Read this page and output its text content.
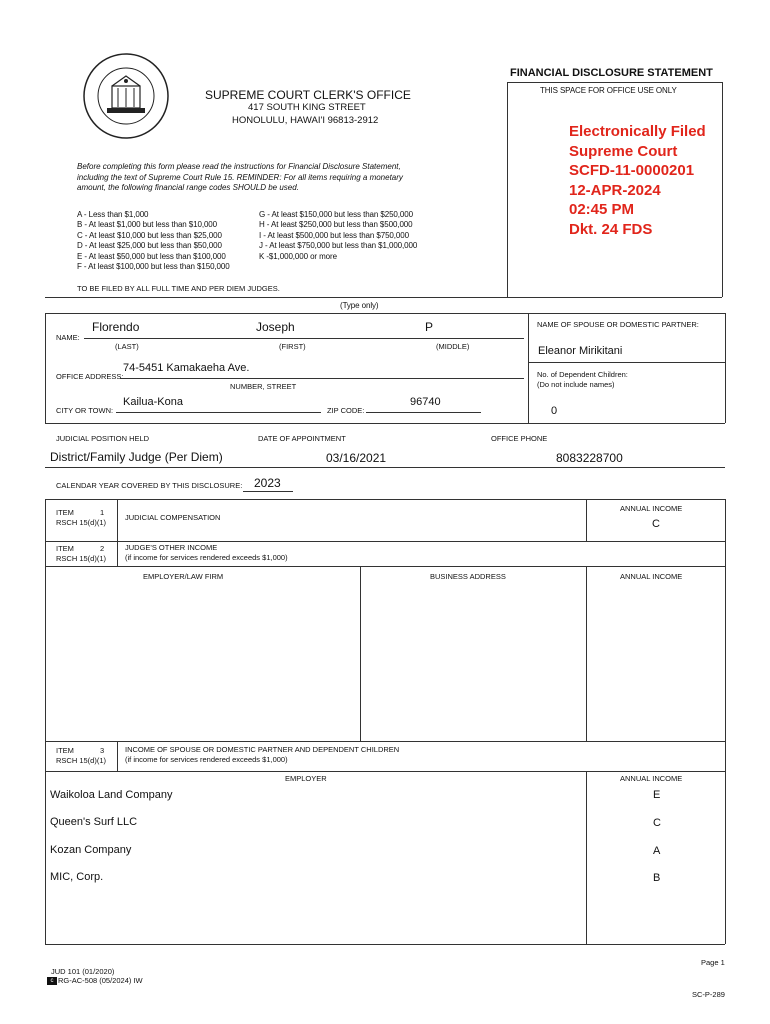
FINANCIAL DISCLOSURE STATEMENT
THIS SPACE FOR OFFICE USE ONLY
SUPREME COURT CLERK'S OFFICE
417 SOUTH KING STREET
HONOLULU, HAWAI'I 96813-2912
Electronically Filed
Supreme Court
SCFD-11-0000201
12-APR-2024
02:45 PM
Dkt. 24 FDS
Before completing this form please read the instructions for Financial Disclosure Statement,
including the text of Supreme Court Rule 15. REMINDER: For all items requiring a monetary
amount, the following financial range codes SHOULD be used.
A - Less than $1,000
B - At least $1,000 but less than $10,000
C - At least $10,000 but less than $25,000
D - At least $25,000 but less than $50,000
E - At least $50,000 but less than $100,000
F - At least $100,000 but less than $150,000
G - At least $150,000 but less than $250,000
H - At least $250,000 but less than $500,000
I - At least $500,000 but less than $750,000
J - At least $750,000 but less than $1,000,000
K -$1,000,000 or more
TO BE FILED BY ALL FULL TIME AND PER DIEM JUDGES.
(Type only)
Florendo	Joseph	P
NAME:
(LAST)	(FIRST)	(MIDDLE)
NAME OF SPOUSE OR DOMESTIC PARTNER:
Eleanor Mirikitani
No. of Dependent Children:
(Do not include names)
0
74-5451 Kamakaeha Ave.
OFFICE ADDRESS:
NUMBER, STREET
Kailua-Kona	96740
CITY OR TOWN:	ZIP CODE:
JUDICIAL POSITION HELD	DATE OF APPOINTMENT	OFFICE PHONE
District/Family Judge (Per Diem)	03/16/2021	8083228700
CALENDAR YEAR COVERED BY THIS DISCLOSURE: 2023
ITEM	1
RSCH 15(d)(1)
JUDICIAL COMPENSATION
ANNUAL INCOME
C
ITEM	2
RSCH 15(d)(1)
JUDGE'S OTHER INCOME
(if income for services rendered exceeds $1,000)
EMPLOYER/LAW FIRM	BUSINESS ADDRESS	ANNUAL INCOME
ITEM	3
RSCH 15(d)(1)
INCOME OF SPOUSE OR DOMESTIC PARTNER AND DEPENDENT CHILDREN
(if income for services rendered exceeds $1,000)
EMPLOYER	ANNUAL INCOME
Waikoloa Land Company	E
Queen's Surf LLC	C
Kozan Company	A
MIC, Corp.	B
Page 1
JUD 101 (01/2020)
c RG-AC-508 (05/2024) IW
SC-P-289
